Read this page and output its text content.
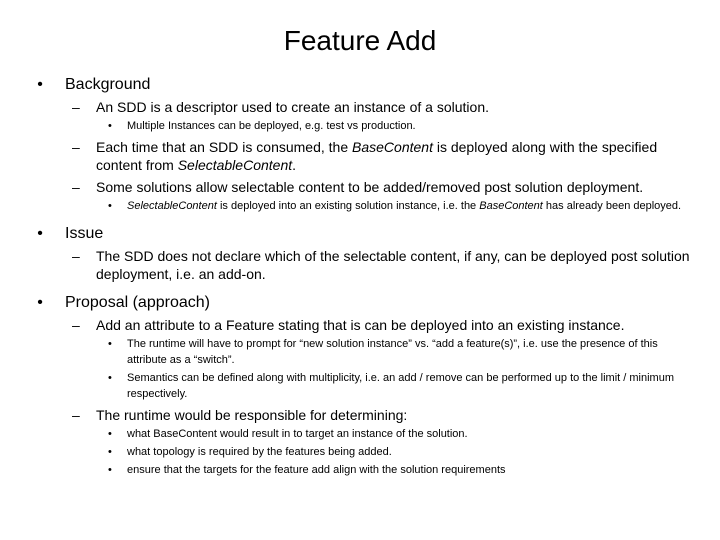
Feature Add
• Background
– An SDD is a descriptor used to create an instance of a solution.
• Multiple Instances can be deployed, e.g. test vs production.
– Each time that an SDD is consumed, the BaseContent is deployed along with the specified content from SelectableContent.
– Some solutions allow selectable content to be added/removed post solution deployment.
• SelectableContent is deployed into an existing solution instance, i.e. the BaseContent has already been deployed.
• Issue
– The SDD does not declare which of the selectable content, if any, can be deployed post solution deployment, i.e. an add-on.
• Proposal (approach)
– Add an attribute to a Feature stating that is can be deployed into an existing instance.
• The runtime will have to prompt for “new solution instance” vs. “add a feature(s)”, i.e. use the presence of this attribute as a “switch”.
• Semantics can be defined along with multiplicity, i.e. an add / remove can be performed up to the limit / minimum respectively.
– The runtime would be responsible for determining:
• what BaseContent would result in to target an instance of the solution.
• what topology is required by the features being added.
• ensure that the targets for the feature add align with the solution requirements
